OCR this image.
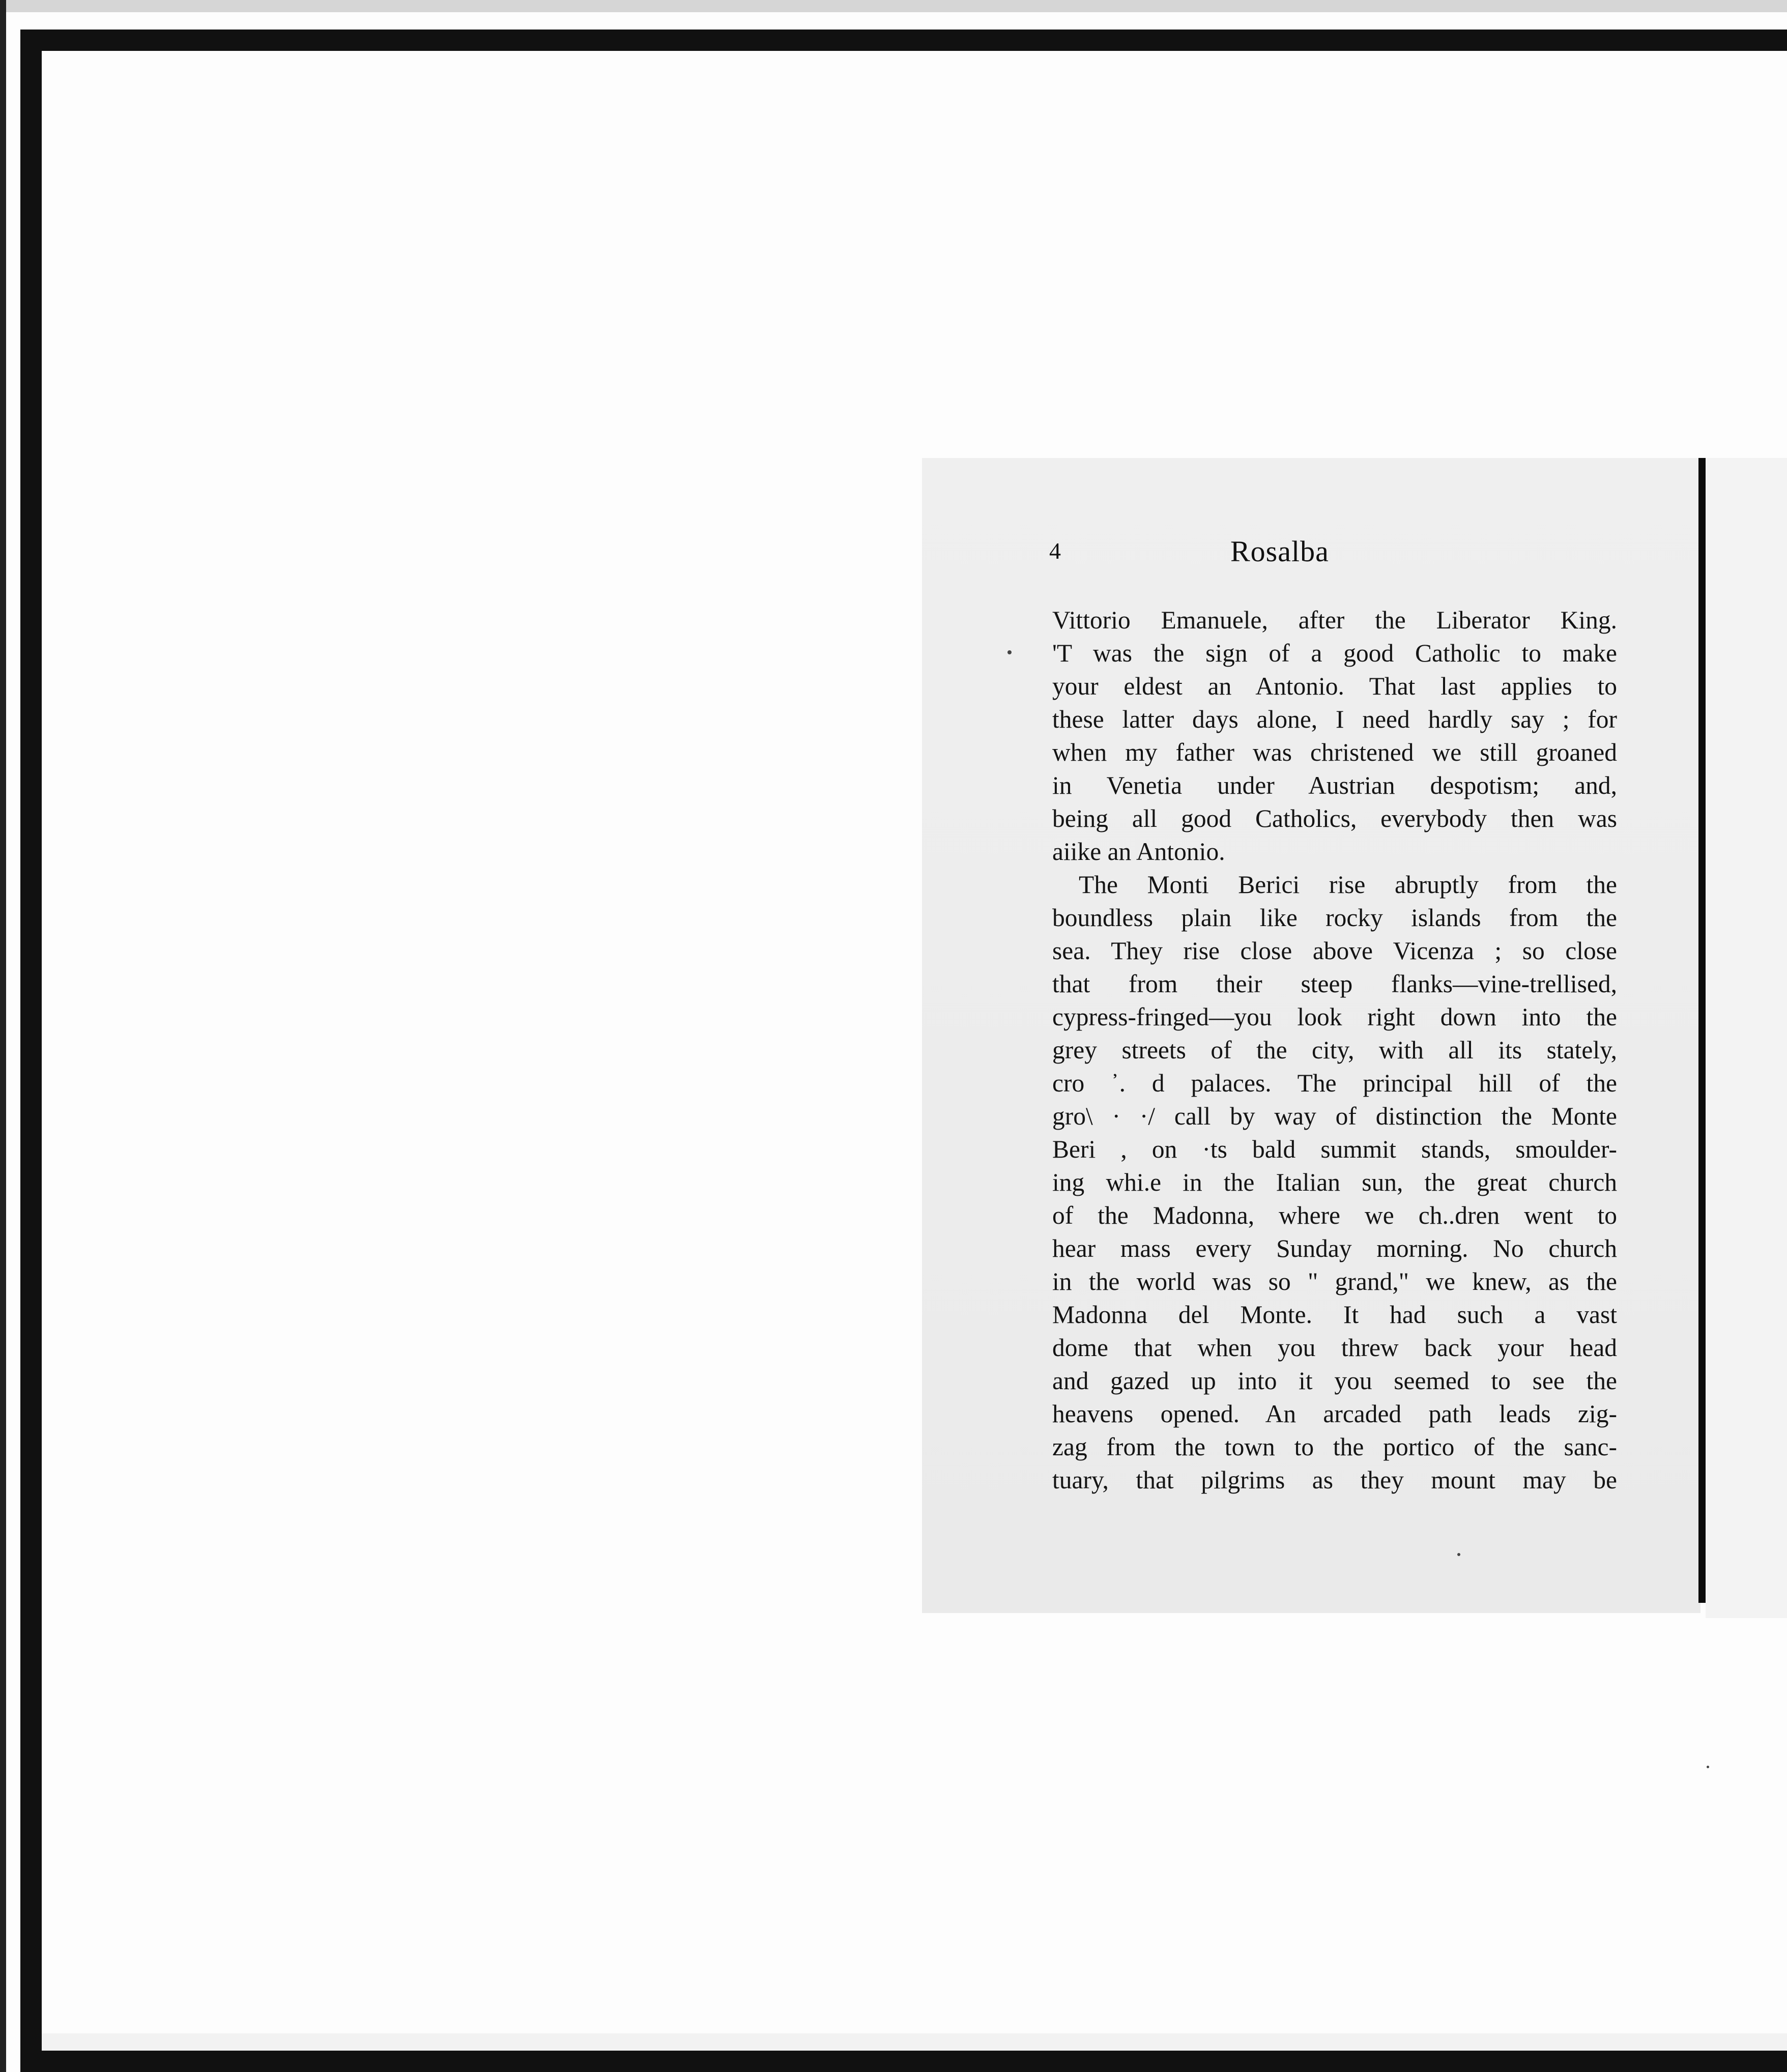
4	Rosalba
Vittorio Emanuele, after the Liberator King.
'T was the sign of a good Catholic to make
your eldest an Antonio. That last applies to
these latter days alone, I need hardly say ; for
when my father was christened we still groaned
in Venetia under Austrian despotism; and,
being all good Catholics, everybody then was
aiike an Antonio.
The Monti Berici rise abruptly from the
boundless plain like rocky islands from the
sea. They rise close above Vicenza ; so close
that from their steep flanks—vine-trellised,
cypress-fringed—you look right down into the
grey streets of the city, with all its stately,
cro ᾿. d palaces. The principal hill of the
gro\ · ·/ call by way of distinction the Monte
Beri , on ·ts bald summit stands, smoulder-
ing whi.e in the Italian sun, the great church
of the Madonna, where we ch..dren went to
hear mass every Sunday morning. No church
in the world was so " grand," we knew, as the
Madonna del Monte. It had such a vast
dome that when you threw back your head
and gazed up into it you seemed to see the
heavens opened. An arcaded path leads zig-
zag from the town to the portico of the sanc-
tuary, that pilgrims as they mount may be
